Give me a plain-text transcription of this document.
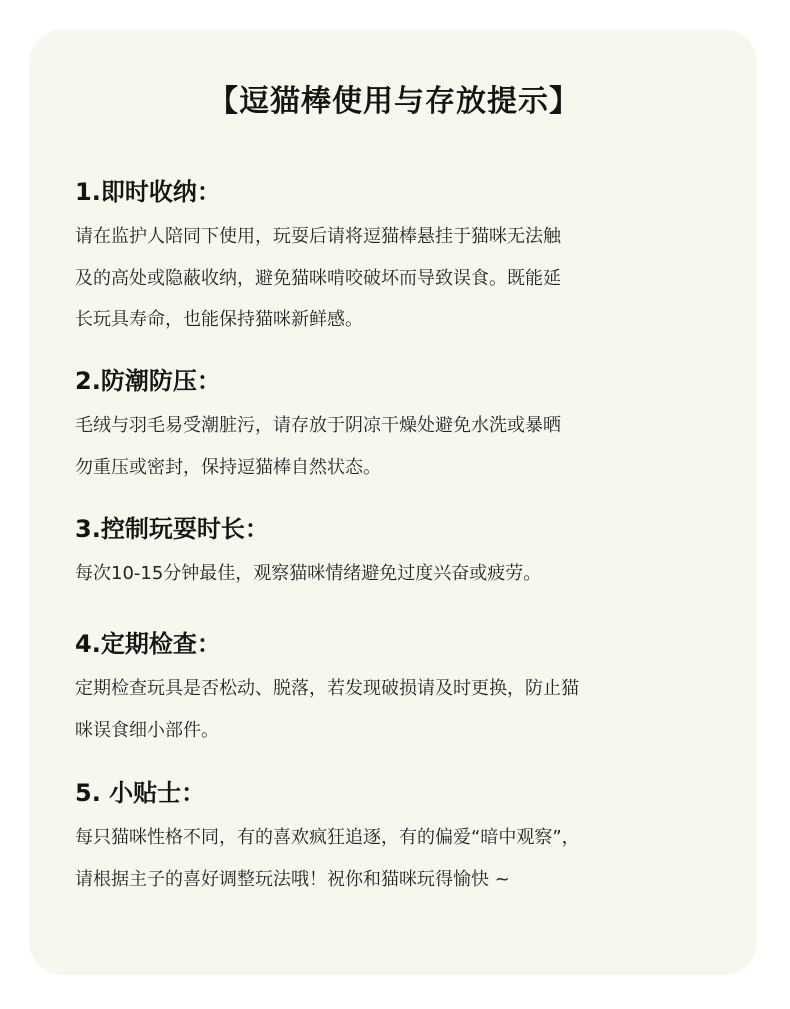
【逗猫棒使用与存放提示】
1.即时收纳：

请在监护人陪同下使用，玩耍后请将逗猫棒悬挂于猫咪无法触
及的高处或隐蔽收纳，避免猫咪啃咬破坏而导致误食。既能延
长玩具寿命，也能保持猫咪新鲜感。

2.防潮防压：

毛绒与羽毛易受潮脏污，请存放于阴凉干燥处避免水洗或暴晒
勿重压或密封，保持逗猫棒自然状态。

3.控制玩耍时长：

每次10-15分钟最佳，观察猫咪情绪避免过度兴奋或疲劳。

4.定期检查：

定期检查玩具是否松动、脱落，若发现破损请及时更换，防止猫
咪误食细小部件。

5. 小贴士：

每只猫咪性格不同，有的喜欢疯狂追逐，有的偏爱“暗中观察”，
请根据主子的喜好调整玩法哦！祝你和猫咪玩得愉快 ~
